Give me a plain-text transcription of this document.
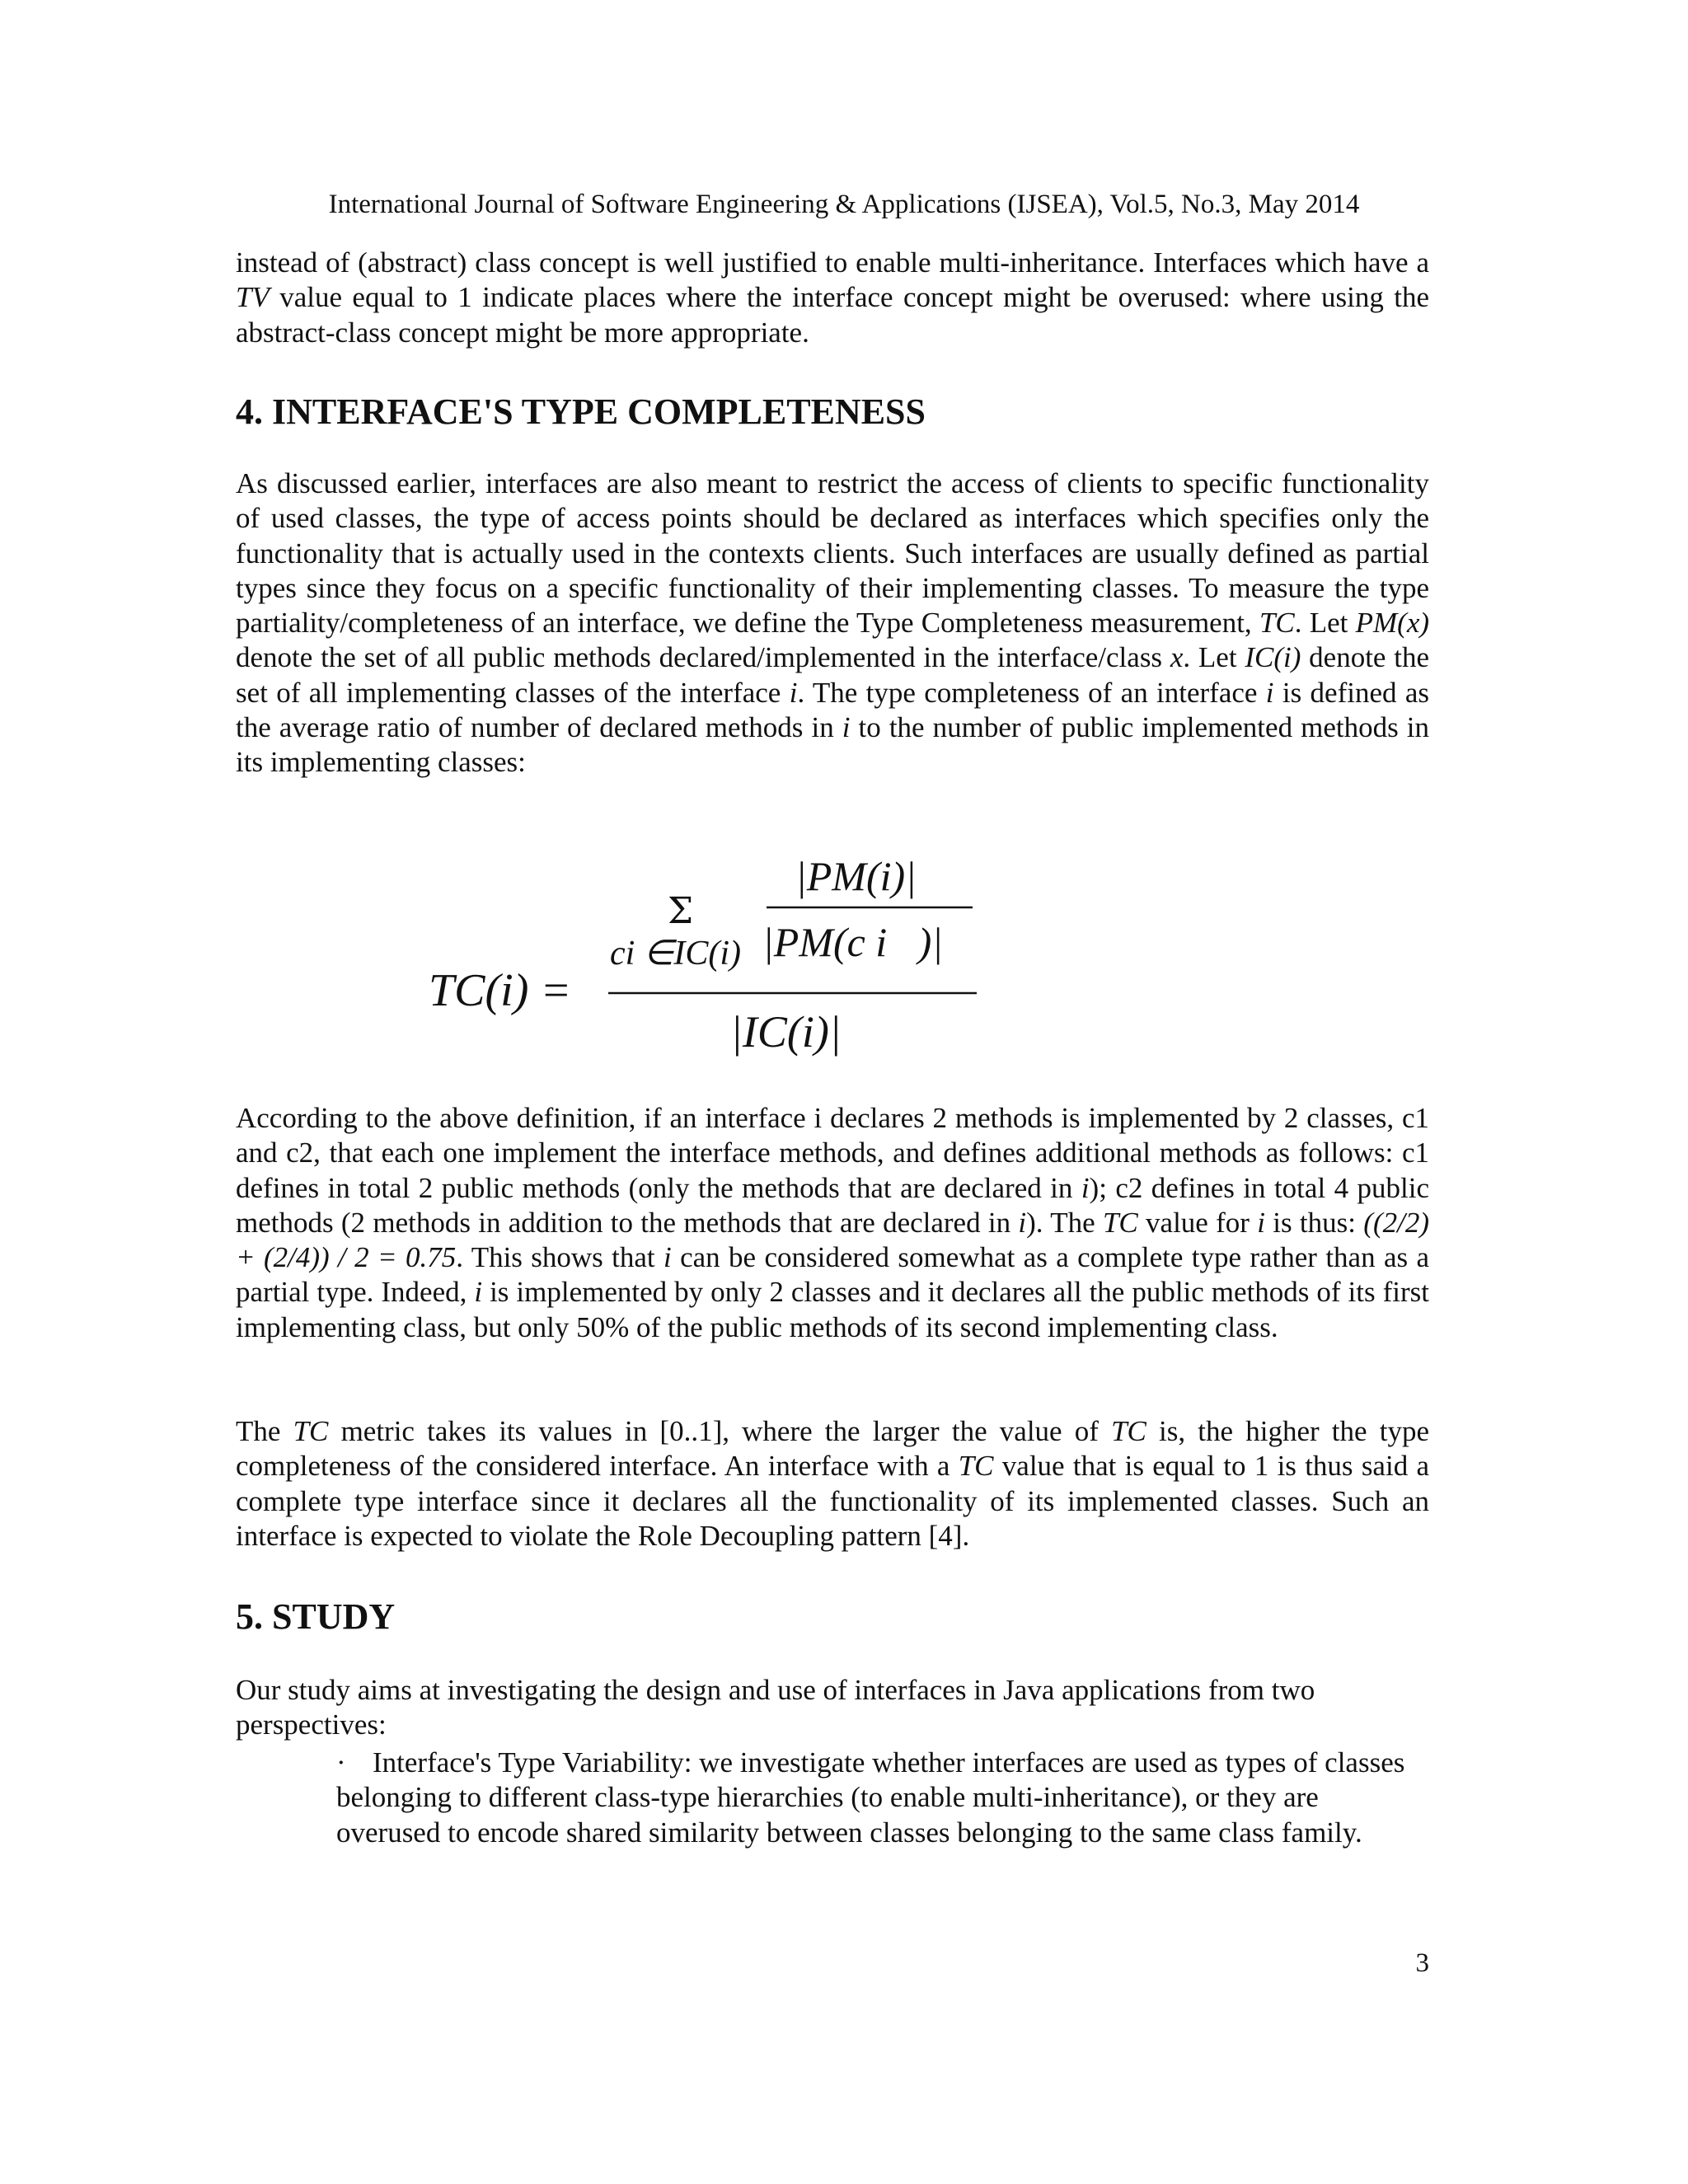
International Journal of Software Engineering & Applications (IJSEA), Vol.5, No.3, May 2014
instead of (abstract) class concept is well justified to enable multi-inheritance. Interfaces which have a TV value equal to 1 indicate places where the interface concept might be overused: where using the abstract-class concept might be more appropriate.
4. INTERFACE'S TYPE COMPLETENESS
As discussed earlier, interfaces are also meant to restrict the access of clients to specific functionality of used classes, the type of access points should be declared as interfaces which specifies only the functionality that is actually used in the contexts clients. Such interfaces are usually defined as partial types since they focus on a specific functionality of their implementing classes. To measure the type partiality/completeness of an interface, we define the Type Completeness measurement, TC. Let PM(x) denote the set of all public methods declared/implemented in the interface/class x. Let IC(i) denote the set of all implementing classes of the interface i. The type completeness of an interface i is defined as the average ratio of number of declared methods in i to the number of public implemented methods in its implementing classes:
TC(i) =
Σ
ci ∈IC(i)
|PM(i)|
|PM(c i   )|
|IC(i)|
According to the above definition, if an interface i declares 2 methods is implemented by 2 classes, c1 and c2, that each one implement the interface methods, and defines additional methods as follows: c1 defines in total 2 public methods (only the methods that are declared in i); c2 defines in total 4 public methods (2 methods in addition to the methods that are declared in i). The TC value for i is thus: ((2/2) + (2/4)) / 2 = 0.75. This shows that i can be considered somewhat as a complete type rather than as a partial type. Indeed, i is implemented by only 2 classes and it declares all the public methods of its first implementing class, but only 50% of the public methods of its second implementing class.
The TC metric takes its values in [0..1], where the larger the value of TC is, the higher the type completeness of the considered interface. An interface with a TC value that is equal to 1 is thus said a complete type interface since it declares all the functionality of its implemented classes. Such an interface is expected to violate the Role Decoupling pattern [4].
5. STUDY
Our study aims at investigating the design and use of interfaces in Java applications from two perspectives:
· Interface's Type Variability: we investigate whether interfaces are used as types of classes belonging to different class-type hierarchies (to enable multi-inheritance), or they are overused to encode shared similarity between classes belonging to the same class family.
3
